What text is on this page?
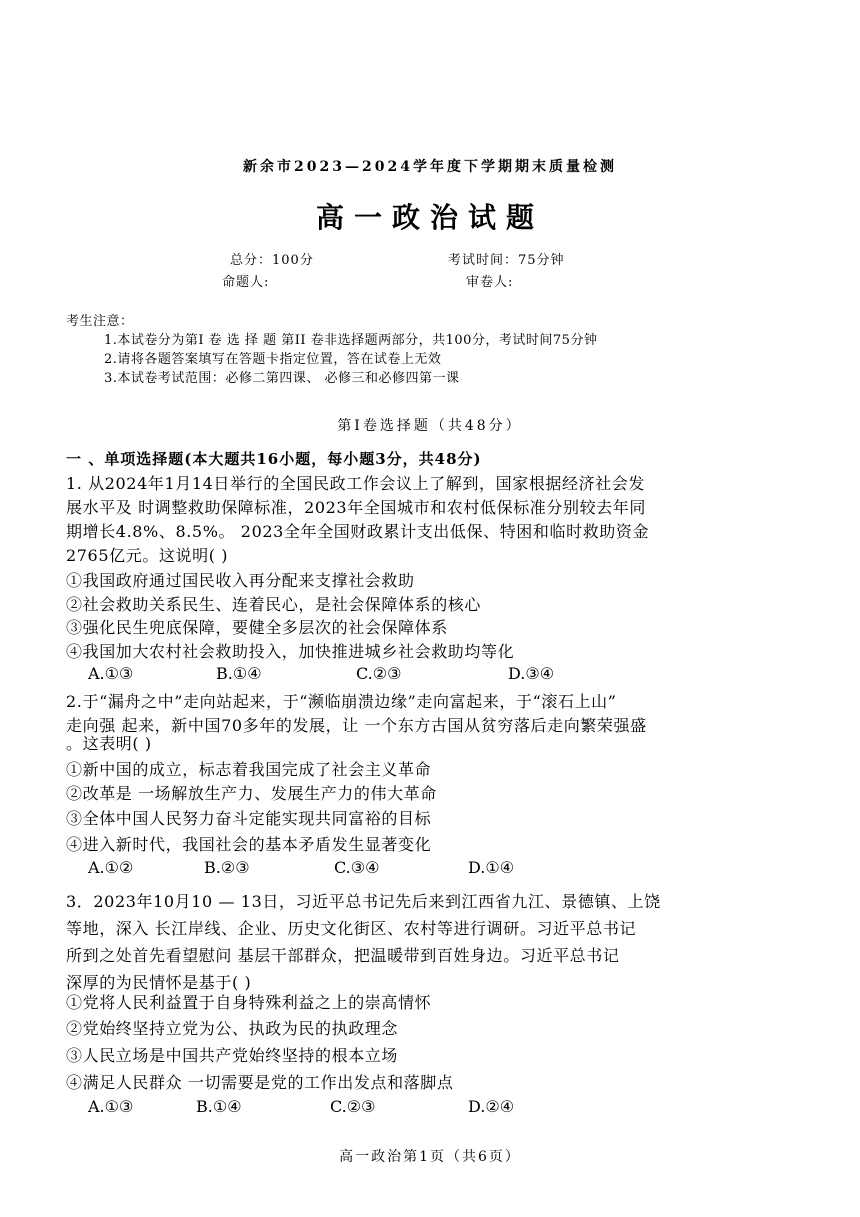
新余市2023—2024学年度下学期期末质量检测
高一政治试题
总分：100分	考试时间：75分钟
命题人:	审卷人:
考生注意：
1.本试卷分为第I 卷 选 择 题 第II 卷非选择题两部分，共100分，考试时间75分钟
2.请将各题答案填写在答题卡指定位置，答在试卷上无效
3.本试卷考试范围：必修二第四课、 必修三和必修四第一课
第I卷选择题（共48分）
一 、单项选择题(本大题共16小题，每小题3分，共48分)
1. 从2024年1月14日举行的全国民政工作会议上了解到，国家根据经济社会发
展水平及 时调整救助保障标准，2023年全国城市和农村低保标准分别较去年同
期增长4.8%、8.5%。 2023全年全国财政累计支出低保、特困和临时救助资金
2765亿元。这说明( )
①我国政府通过国民收入再分配来支撑社会救助
②社会救助关系民生、连着民心，是社会保障体系的核心
③强化民生兜底保障，要健全多层次的社会保障体系
④我国加大农村社会救助投入，加快推进城乡社会救助均等化
A.①③	B.①④	C.②③	D.③④
2.于“漏舟之中”走向站起来，于“濒临崩溃边缘”走向富起来，于“滚石上山”
走向强 起来，新中国70多年的发展，让 一个东方古国从贫穷落后走向繁荣强盛
。这表明( )
①新中国的成立，标志着我国完成了社会主义革命
②改革是 一场解放生产力、发展生产力的伟大革命
③全体中国人民努力奋斗定能实现共同富裕的目标
④进入新时代，我国社会的基本矛盾发生显著变化
A.①②	B.②③	C.③④	D.①④
3．2023年10月10 — 13日，习近平总书记先后来到江西省九江、景德镇、上饶
等地，深入 长江岸线、企业、历史文化街区、农村等进行调研。习近平总书记
所到之处首先看望慰问 基层干部群众，把温暖带到百姓身边。习近平总书记
深厚的为民情怀是基于( )
①党将人民利益置于自身特殊利益之上的崇高情怀
②党始终坚持立党为公、执政为民的执政理念
③人民立场是中国共产党始终坚持的根本立场
④满足人民群众 一切需要是党的工作出发点和落脚点
A.①③	B.①④	C.②③	D.②④
高一政治第1页（共6页）
